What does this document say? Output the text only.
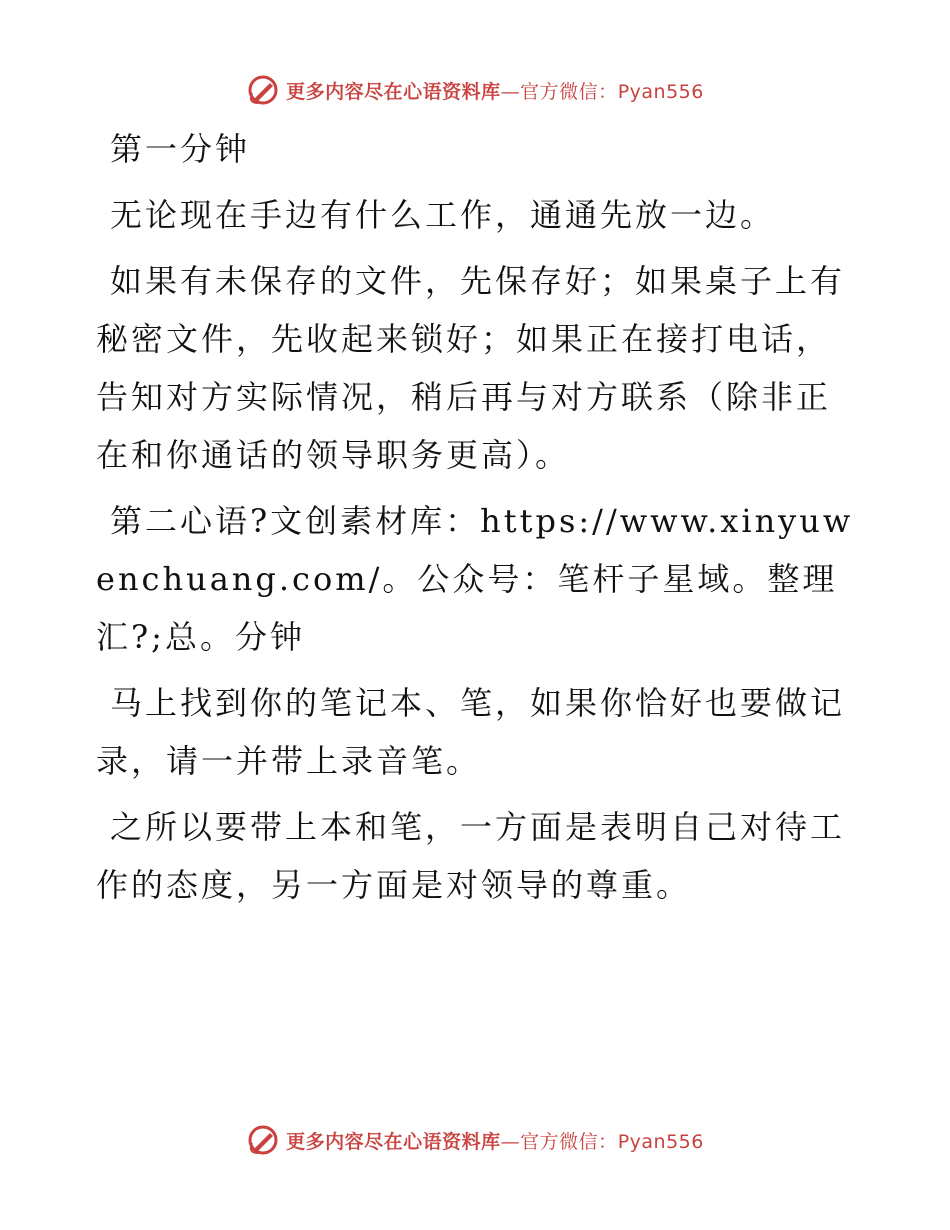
更多内容尽在心语资料库—官方微信：Pyan556

第一分钟

无论现在手边有什么工作，通通先放一边。

如果有未保存的文件，先保存好；如果桌子上有秘密文件，先收起来锁好；如果正在接打电话，告知对方实际情况，稍后再与对方联系（除非正在和你通话的领导职务更高）。

第二心语?文创素材库：https://www.xinyuwenchuang.com/。公众号：笔杆子星域。整理汇?;总。分钟

马上找到你的笔记本、笔，如果你恰好也要做记录，请一并带上录音笔。

之所以要带上本和笔，一方面是表明自己对待工作的态度，另一方面是对领导的尊重。

更多内容尽在心语资料库—官方微信：Pyan556
